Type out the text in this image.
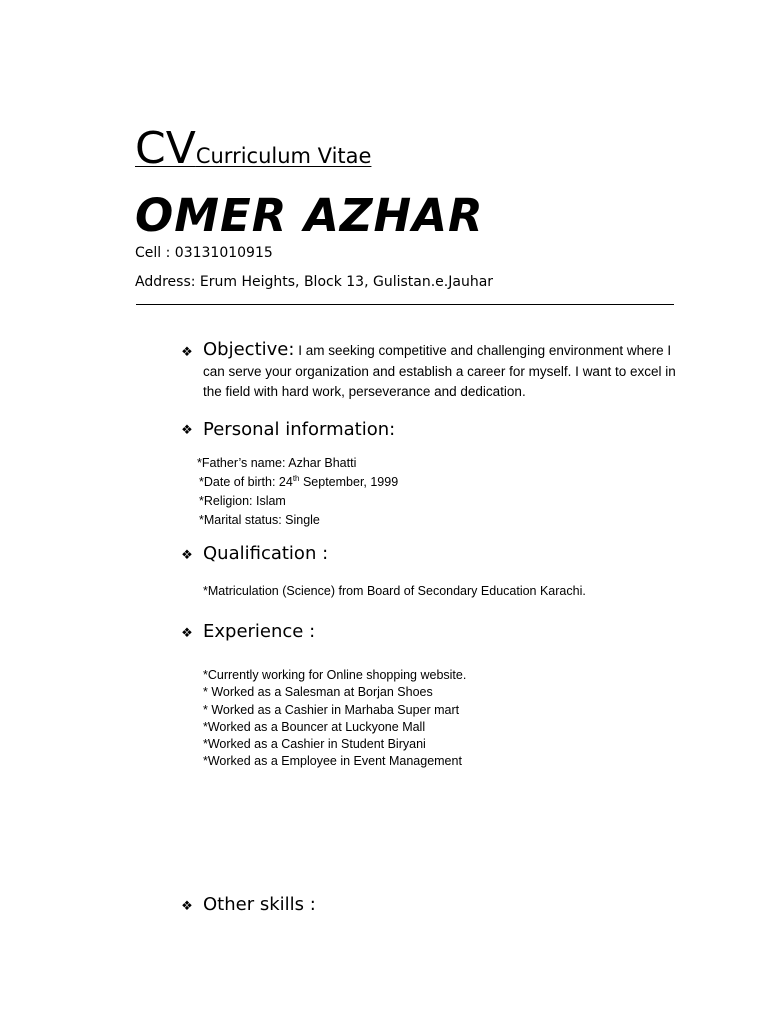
CVCurriculum Vitae
OMER AZHAR
Cell : 03131010915
Address: Erum Heights, Block 13, Gulistan.e.Jauhar
❖ Objective: I am seeking competitive and challenging environment where I can serve your organization and establish a career for myself. I want to excel in the field with hard work, perseverance and dedication.
❖ Personal information:
*Father’s name: Azhar Bhatti
*Date of birth: 24th September, 1999
*Religion: Islam
*Marital status: Single
❖ Qualification :
*Matriculation (Science) from Board of Secondary Education Karachi.
❖ Experience :
*Currently working for Online shopping website.
* Worked as a Salesman at Borjan Shoes
* Worked as a Cashier in Marhaba Super mart
*Worked as a Bouncer at Luckyone Mall
*Worked as a Cashier in Student Biryani
*Worked as a Employee in Event Management
❖ Other skills :
